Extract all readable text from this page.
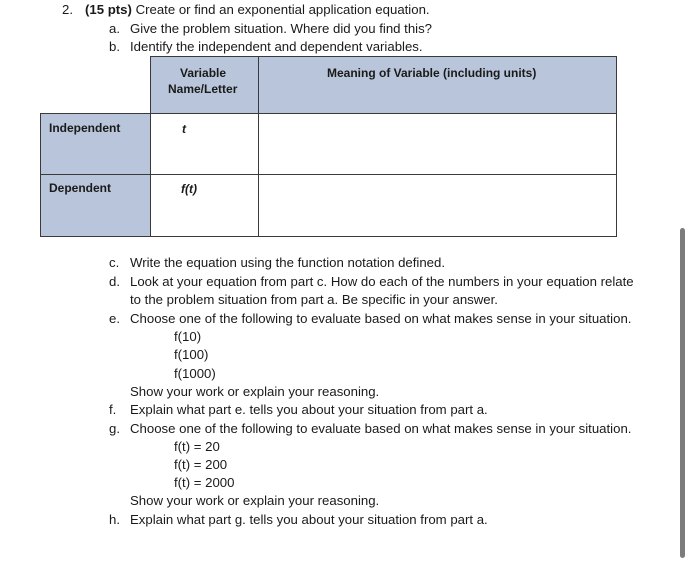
2. (15 pts) Create or find an exponential application equation.
a. Give the problem situation. Where did you find this?
b. Identify the independent and dependent variables.

	Variable
Name/Letter	Meaning of Variable (including units)

Independent	t	

Dependent	f(t)	

c. Write the equation using the function notation defined.
d. Look at your equation from part c. How do each of the numbers in your equation relate
to the problem situation from part a. Be specific in your answer.
e. Choose one of the following to evaluate based on what makes sense in your situation.
f(10)
f(100)
f(1000)
Show your work or explain your reasoning.
f. Explain what part e. tells you about your situation from part a.
g. Choose one of the following to evaluate based on what makes sense in your situation.
f(t) = 20
f(t) = 200
f(t) = 2000
Show your work or explain your reasoning.
h. Explain what part g. tells you about your situation from part a.
